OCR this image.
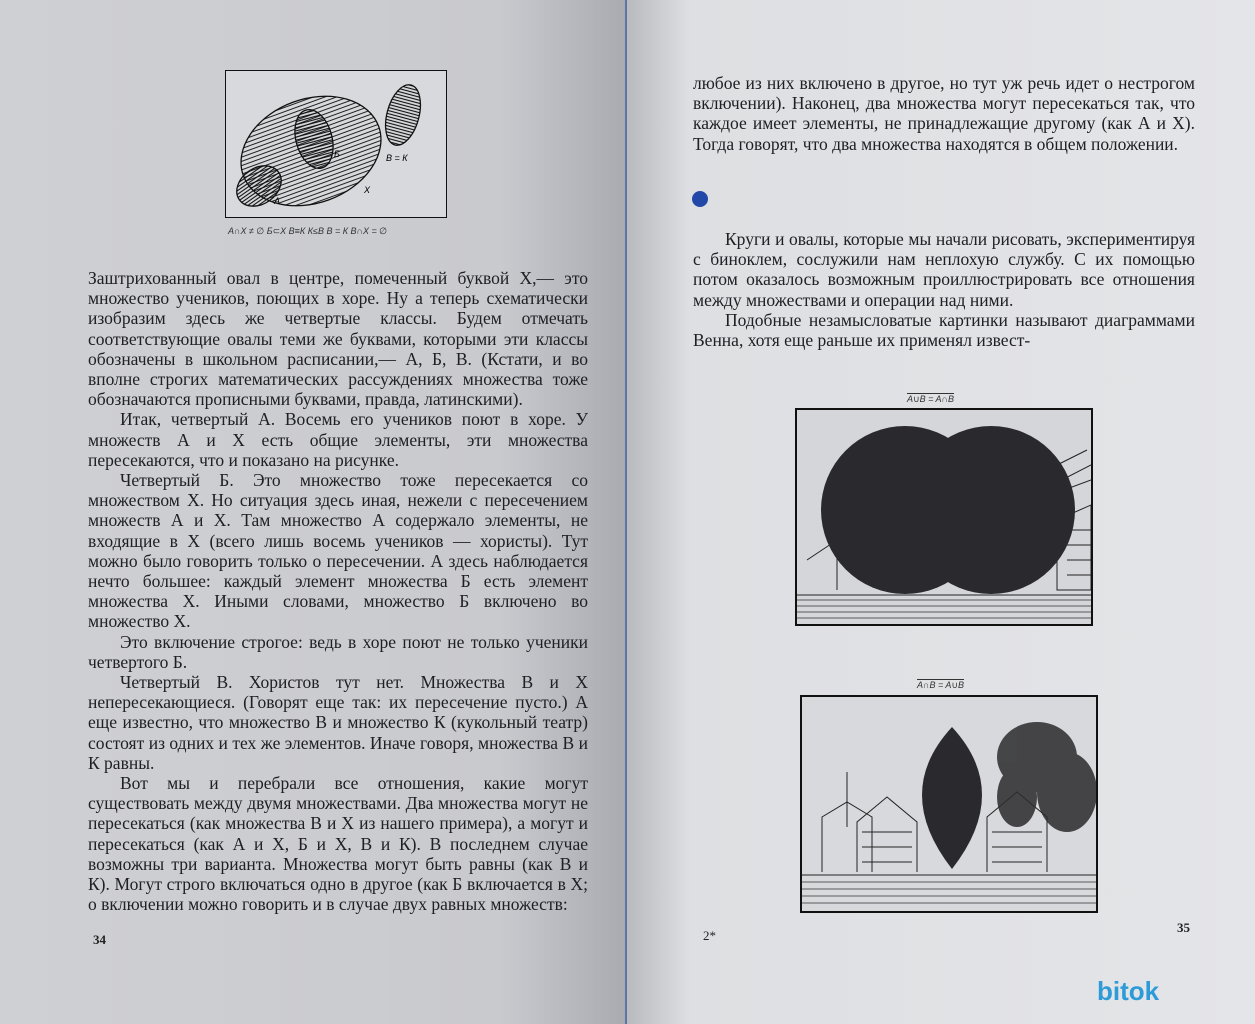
Б	В = К
Х
А
А∩Х ≠ ∅ Б⊂Х В≡К К≤В В = К В∩Х = ∅

Заштрихованный овал в центре, помеченный буквой Х,— это множество учеников, поющих в хоре. Ну а теперь схематически изобразим здесь же четвертые классы. Будем отмечать соответствующие овалы теми же буквами, которыми эти классы обозначены в школьном расписании,— А, Б, В. (Кстати, и во вполне строгих математических рассуждениях множества тоже обозначаются прописными буквами, правда, латинскими).

Итак, четвертый А. Восемь его учеников поют в хоре. У множеств А и Х есть общие элементы, эти множества пересекаются, что и показано на рисунке.

Четвертый Б. Это множество тоже пересекается со множеством Х. Но ситуация здесь иная, нежели с пересечением множеств А и Х. Там множество А содержало элементы, не входящие в Х (всего лишь восемь учеников — хористы). Тут можно было говорить только о пересечении. А здесь наблюдается нечто большее: каждый элемент множества Б есть элемент множества Х. Иными словами, множество Б включено во множество Х.

Это включение строгое: ведь в хоре поют не только ученики четвертого Б.

Четвертый В. Хористов тут нет. Множества В и Х непересекающиеся. (Говорят еще так: их пересечение пусто.) А еще известно, что множество В и множество К (кукольный театр) состоят из одних и тех же элементов. Иначе говоря, множества В и К равны.

Вот мы и перебрали все отношения, какие могут существовать между двумя множествами. Два множества могут не пересекаться (как множества В и Х из нашего примера), а могут и пересекаться (как А и Х, Б и Х, В и К). В последнем случае возможны три варианта. Множества могут быть равны (как В и К). Могут строго включаться одно в другое (как Б включается в Х; о включении можно говорить и в случае двух равных множеств:

34

любое из них включено в другое, но тут уж речь идет о нестрогом включении). Наконец, два множества могут пересекаться так, что каждое имеет элементы, не принадлежащие другому (как А и Х). Тогда говорят, что два множества находятся в общем положении.

Круги и овалы, которые мы начали рисовать, экспериментируя с биноклем, сослужили нам неплохую службу. С их помощью потом оказалось возможным проиллюстрировать все отношения между множествами и операции над ними.

Подобные незамысловатые картинки называют диаграммами Венна, хотя еще раньше их применял извест-

A∪B = A∩B
A∩B = A∪B
2*
35
bitok
